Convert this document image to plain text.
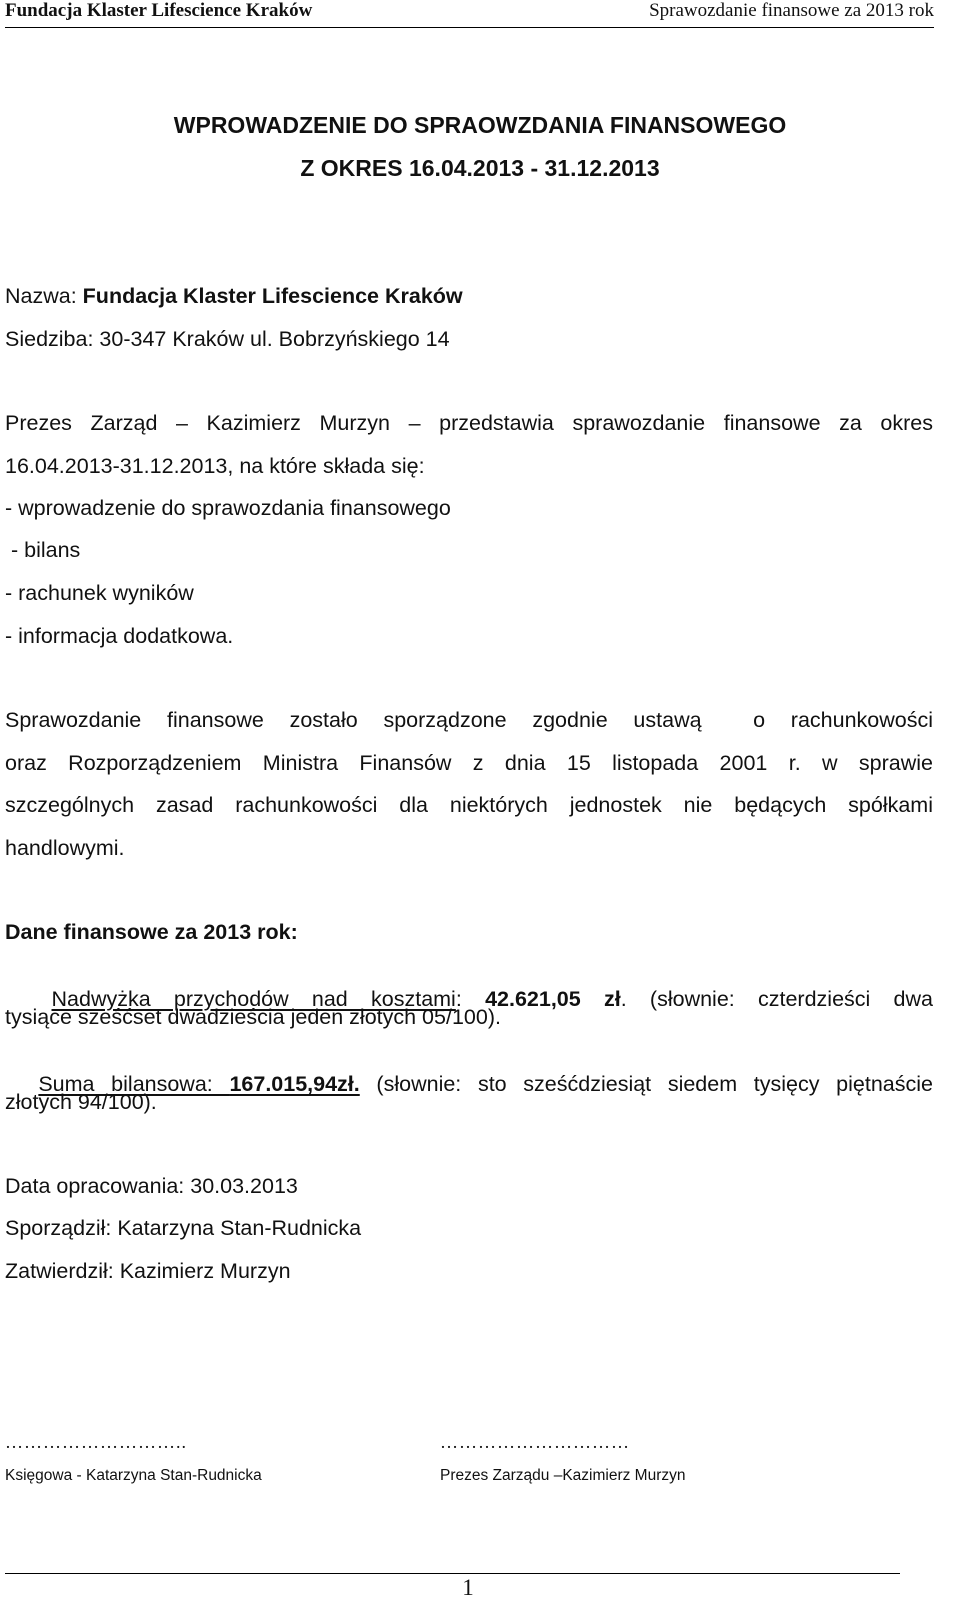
Fundacja Klaster Lifescience Kraków	Sprawozdanie finansowe za 2013 rok
WPROWADZENIE DO SPRAOWZDANIA FINANSOWEGO
Z OKRES 16.04.2013 - 31.12.2013
Nazwa: Fundacja Klaster Lifescience Kraków
Siedziba: 30-347 Kraków ul. Bobrzyńskiego 14
Prezes Zarząd – Kazimierz Murzyn – przedstawia sprawozdanie finansowe za okres
16.04.2013-31.12.2013, na które składa się:
- wprowadzenie do sprawozdania finansowego
- bilans
- rachunek wyników
- informacja dodatkowa.
Sprawozdanie finansowe zostało sporządzone zgodnie ustawą  o rachunkowości
oraz Rozporządzeniem Ministra Finansów z dnia 15 listopada 2001 r. w sprawie
szczególnych zasad rachunkowości dla niektórych jednostek nie będących spółkami
handlowymi.
Dane finansowe za 2013 rok:

Nadwyżka przychodów nad kosztami: 42.621,05 zł. (słownie: czterdzieści dwa

tysiące sześćset dwadzieścia jeden złotych 05/100).

Suma bilansowa: 167.015,94zł. (słownie: sto sześćdziesiąt siedem tysięcy piętnaście

złotych 94/100).
Data opracowania: 30.03.2013
Sporządził: Katarzyna Stan-Rudnicka
Zatwierdził: Kazimierz Murzyn
………………………..	…………………………
Księgowa - Katarzyna Stan-Rudnicka	Prezes Zarządu –Kazimierz Murzyn
1
